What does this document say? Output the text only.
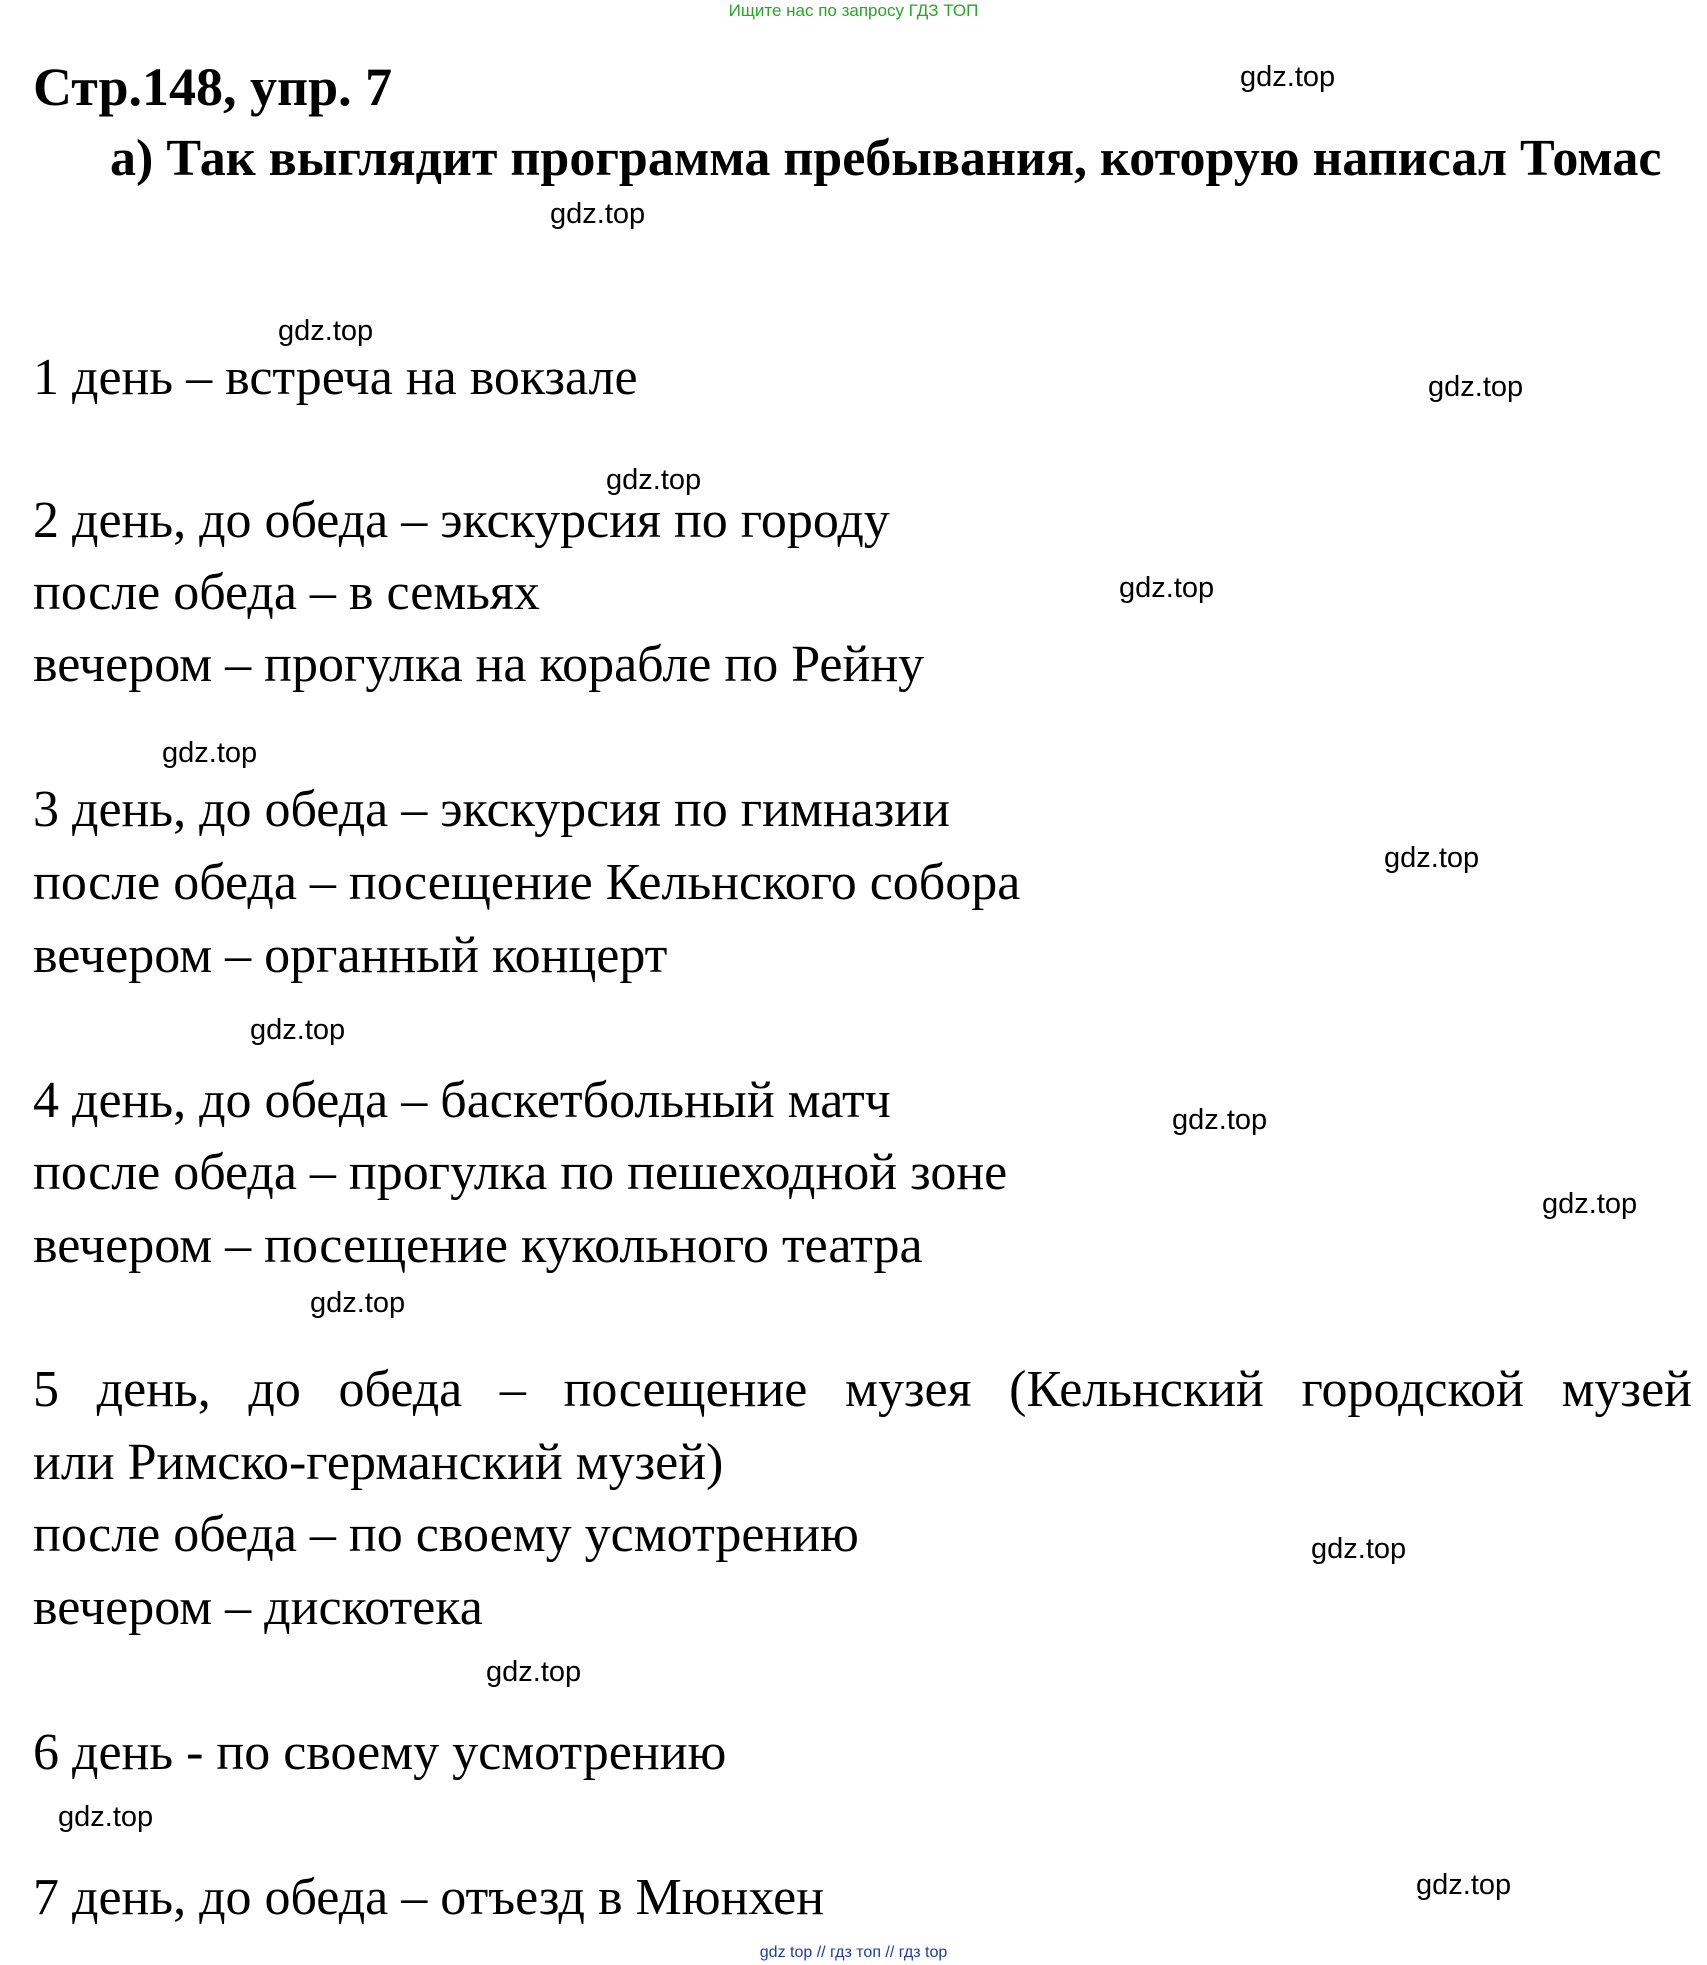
Ищите нас по запросу ГДЗ ТОП
Стр.148, упр. 7

а) Так выглядит программа пребывания, которую написал Томас

1 день – встреча на вокзале

2 день, до обеда – экскурсия по городу

после обеда – в семьях

вечером – прогулка на корабле по Рейну

3 день, до обеда – экскурсия по гимназии

после обеда – посещение Кельнского собора

вечером – органный концерт

4 день, до обеда – баскетбольный матч

после обеда – прогулка по пешеходной зоне

вечером – посещение кукольного театра

5 день, до обеда – посещение музея (Кельнский городской музей

или Римско-германский музей)

после обеда – по своему усмотрению

вечером – дискотека

6 день - по своему усмотрению

7 день, до обеда – отъезд в Мюнхен

gdz.top

gdz.top

gdz.top

gdz.top

gdz.top

gdz.top

gdz.top

gdz.top

gdz.top

gdz.top

gdz.top

gdz.top

gdz.top

gdz.top

gdz.top

gdz.top

gdz top // гдз топ // гдз top
